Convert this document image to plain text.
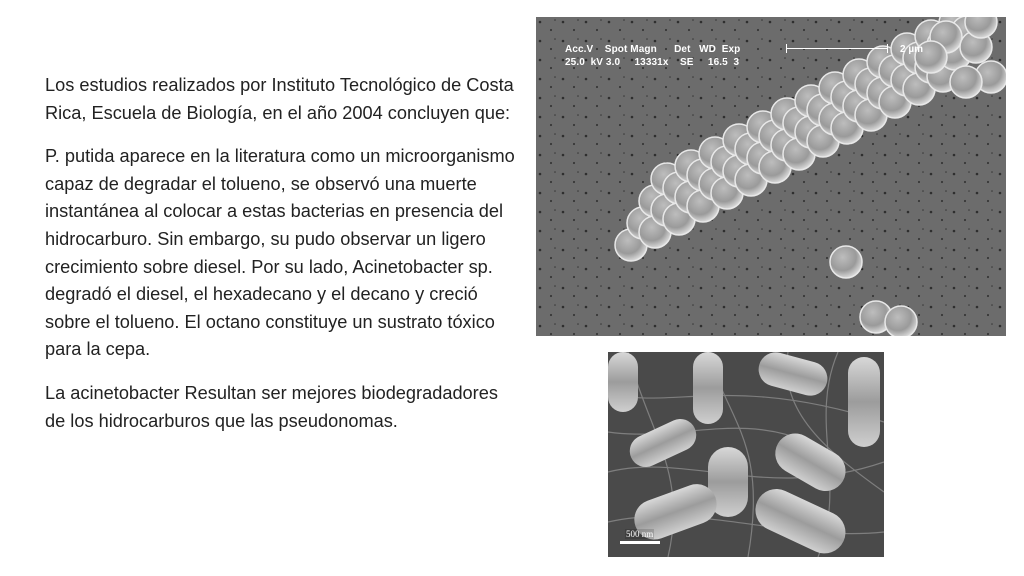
Los estudios realizados por Instituto Tecnológico de Costa Rica, Escuela de Biología, en el año 2004 concluyen que:

P. putida aparece en la literatura como un microorganismo capaz de degradar el tolueno, se observó una muerte instantánea al colocar a estas bacterias en presencia del hidrocarburo. Sin embargo, su pudo observar un ligero crecimiento sobre diesel. Por su lado, Acinetobacter sp. degradó el diesel, el hexadecano y el decano y creció sobre el tolueno. El octano constituye un sustrato tóxico para la cepa.

La acinetobacter Resultan ser mejores biodegradadores de los hidrocarburos que las pseudonomas.

Acc.V    Spot Magn      Det   WD  Exp
25.0  kV 3.0     13331x    SE     16.5  3
2 µm
500 nm
